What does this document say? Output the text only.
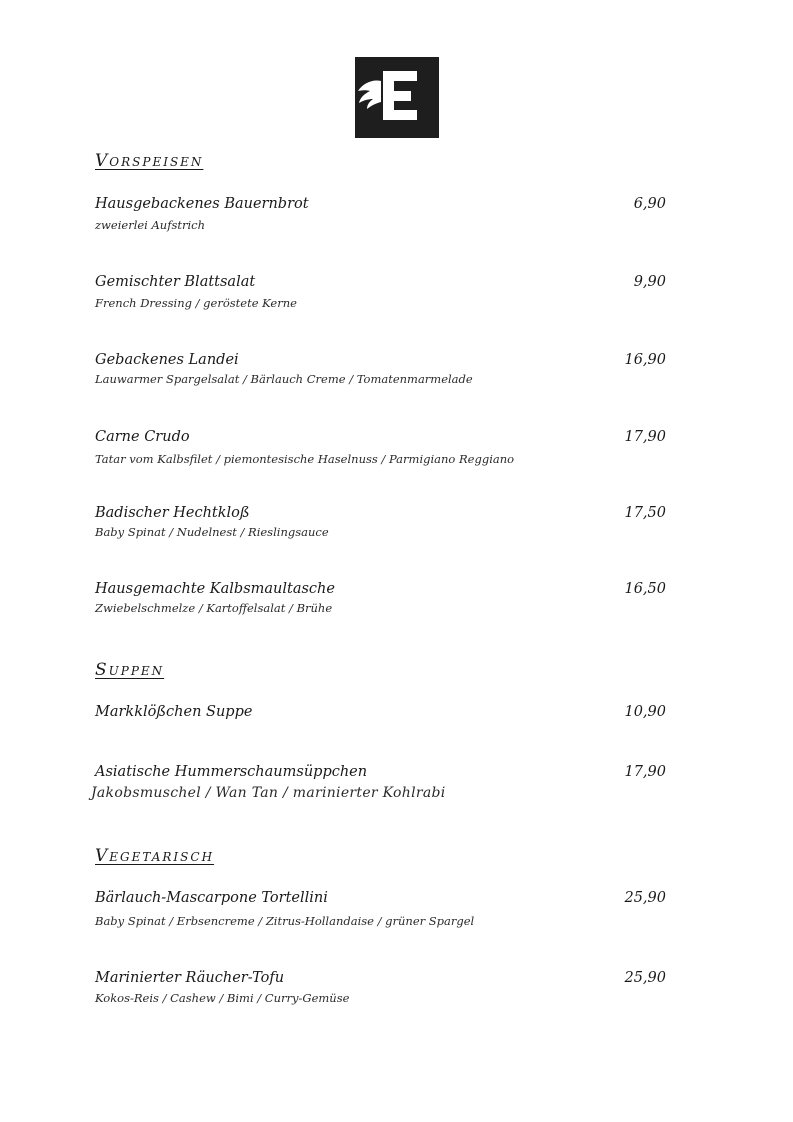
Vorspeisen
Hausgebackenes Bauernbrot	6,90
zweierlei Aufstrich
Gemischter Blattsalat	9,90
French Dressing / geröstete Kerne
Gebackenes Landei	16,90
Lauwarmer Spargelsalat / Bärlauch Creme / Tomatenmarmelade
Carne Crudo	17,90
Tatar vom Kalbsfilet / piemontesische Haselnuss / Parmigiano Reggiano
Badischer Hechtkloß	17,50
Baby Spinat / Nudelnest / Rieslingsauce
Hausgemachte Kalbsmaultasche	16,50
Zwiebelschmelze / Kartoffelsalat / Brühe
Suppen
Markklößchen Suppe	10,90
Asiatische Hummerschaumsüppchen	17,90
Jakobsmuschel / Wan Tan / marinierter Kohlrabi
Vegetarisch
Bärlauch-Mascarpone Tortellini	25,90
Baby Spinat / Erbsencreme / Zitrus-Hollandaise / grüner Spargel
Marinierter Räucher-Tofu	25,90
Kokos-Reis / Cashew / Bimi / Curry-Gemüse
